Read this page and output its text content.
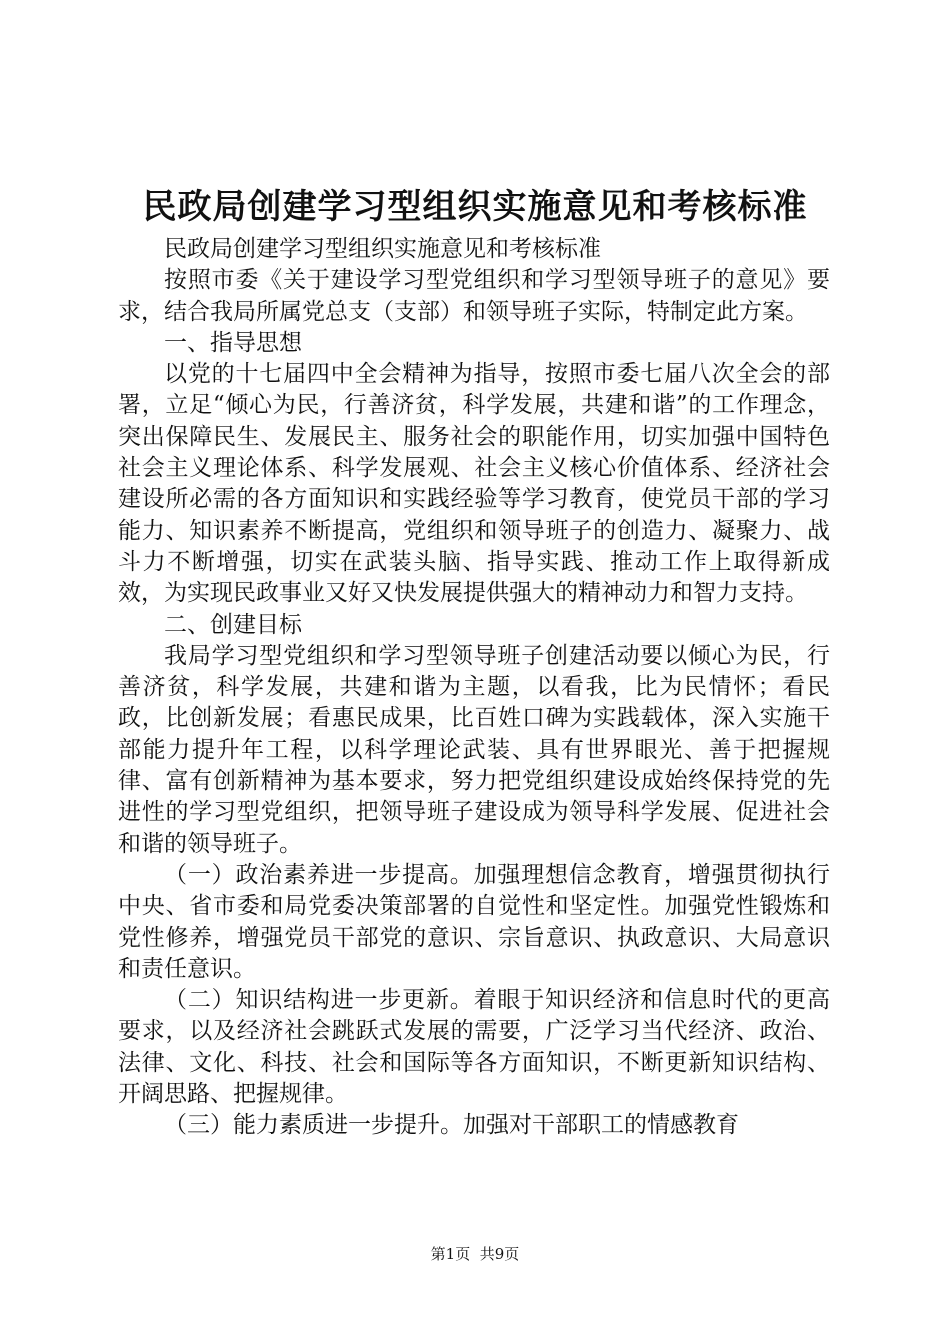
民政局创建学习型组织实施意见和考核标准

民政局创建学习型组织实施意见和考核标准

按照市委《关于建设学习型党组织和学习型领导班子的意见》要求，结合我局所属党总支（支部）和领导班子实际，特制定此方案。

一、指导思想

以党的十七届四中全会精神为指导，按照市委七届八次全会的部署，立足“倾心为民，行善济贫，科学发展，共建和谐”的工作理念，突出保障民生、发展民主、服务社会的职能作用，切实加强中国特色社会主义理论体系、科学发展观、社会主义核心价值体系、经济社会建设所必需的各方面知识和实践经验等学习教育，使党员干部的学习能力、知识素养不断提高，党组织和领导班子的创造力、凝聚力、战斗力不断增强，切实在武装头脑、指导实践、推动工作上取得新成效，为实现民政事业又好又快发展提供强大的精神动力和智力支持。

二、创建目标

我局学习型党组织和学习型领导班子创建活动要以倾心为民，行善济贫，科学发展，共建和谐为主题，以看我，比为民情怀；看民政，比创新发展；看惠民成果，比百姓口碑为实践载体，深入实施干部能力提升年工程，以科学理论武装、具有世界眼光、善于把握规律、富有创新精神为基本要求，努力把党组织建设成始终保持党的先进性的学习型党组织，把领导班子建设成为领导科学发展、促进社会和谐的领导班子。

（一）政治素养进一步提高。加强理想信念教育，增强贯彻执行中央、省市委和局党委决策部署的自觉性和坚定性。加强党性锻炼和党性修养，增强党员干部党的意识、宗旨意识、执政意识、大局意识和责任意识。

（二）知识结构进一步更新。着眼于知识经济和信息时代的更高要求，以及经济社会跳跃式发展的需要，广泛学习当代经济、政治、法律、文化、科技、社会和国际等各方面知识，不断更新知识结构、开阔思路、把握规律。

（三）能力素质进一步提升。加强对干部职工的情感教育

第1页 共9页
